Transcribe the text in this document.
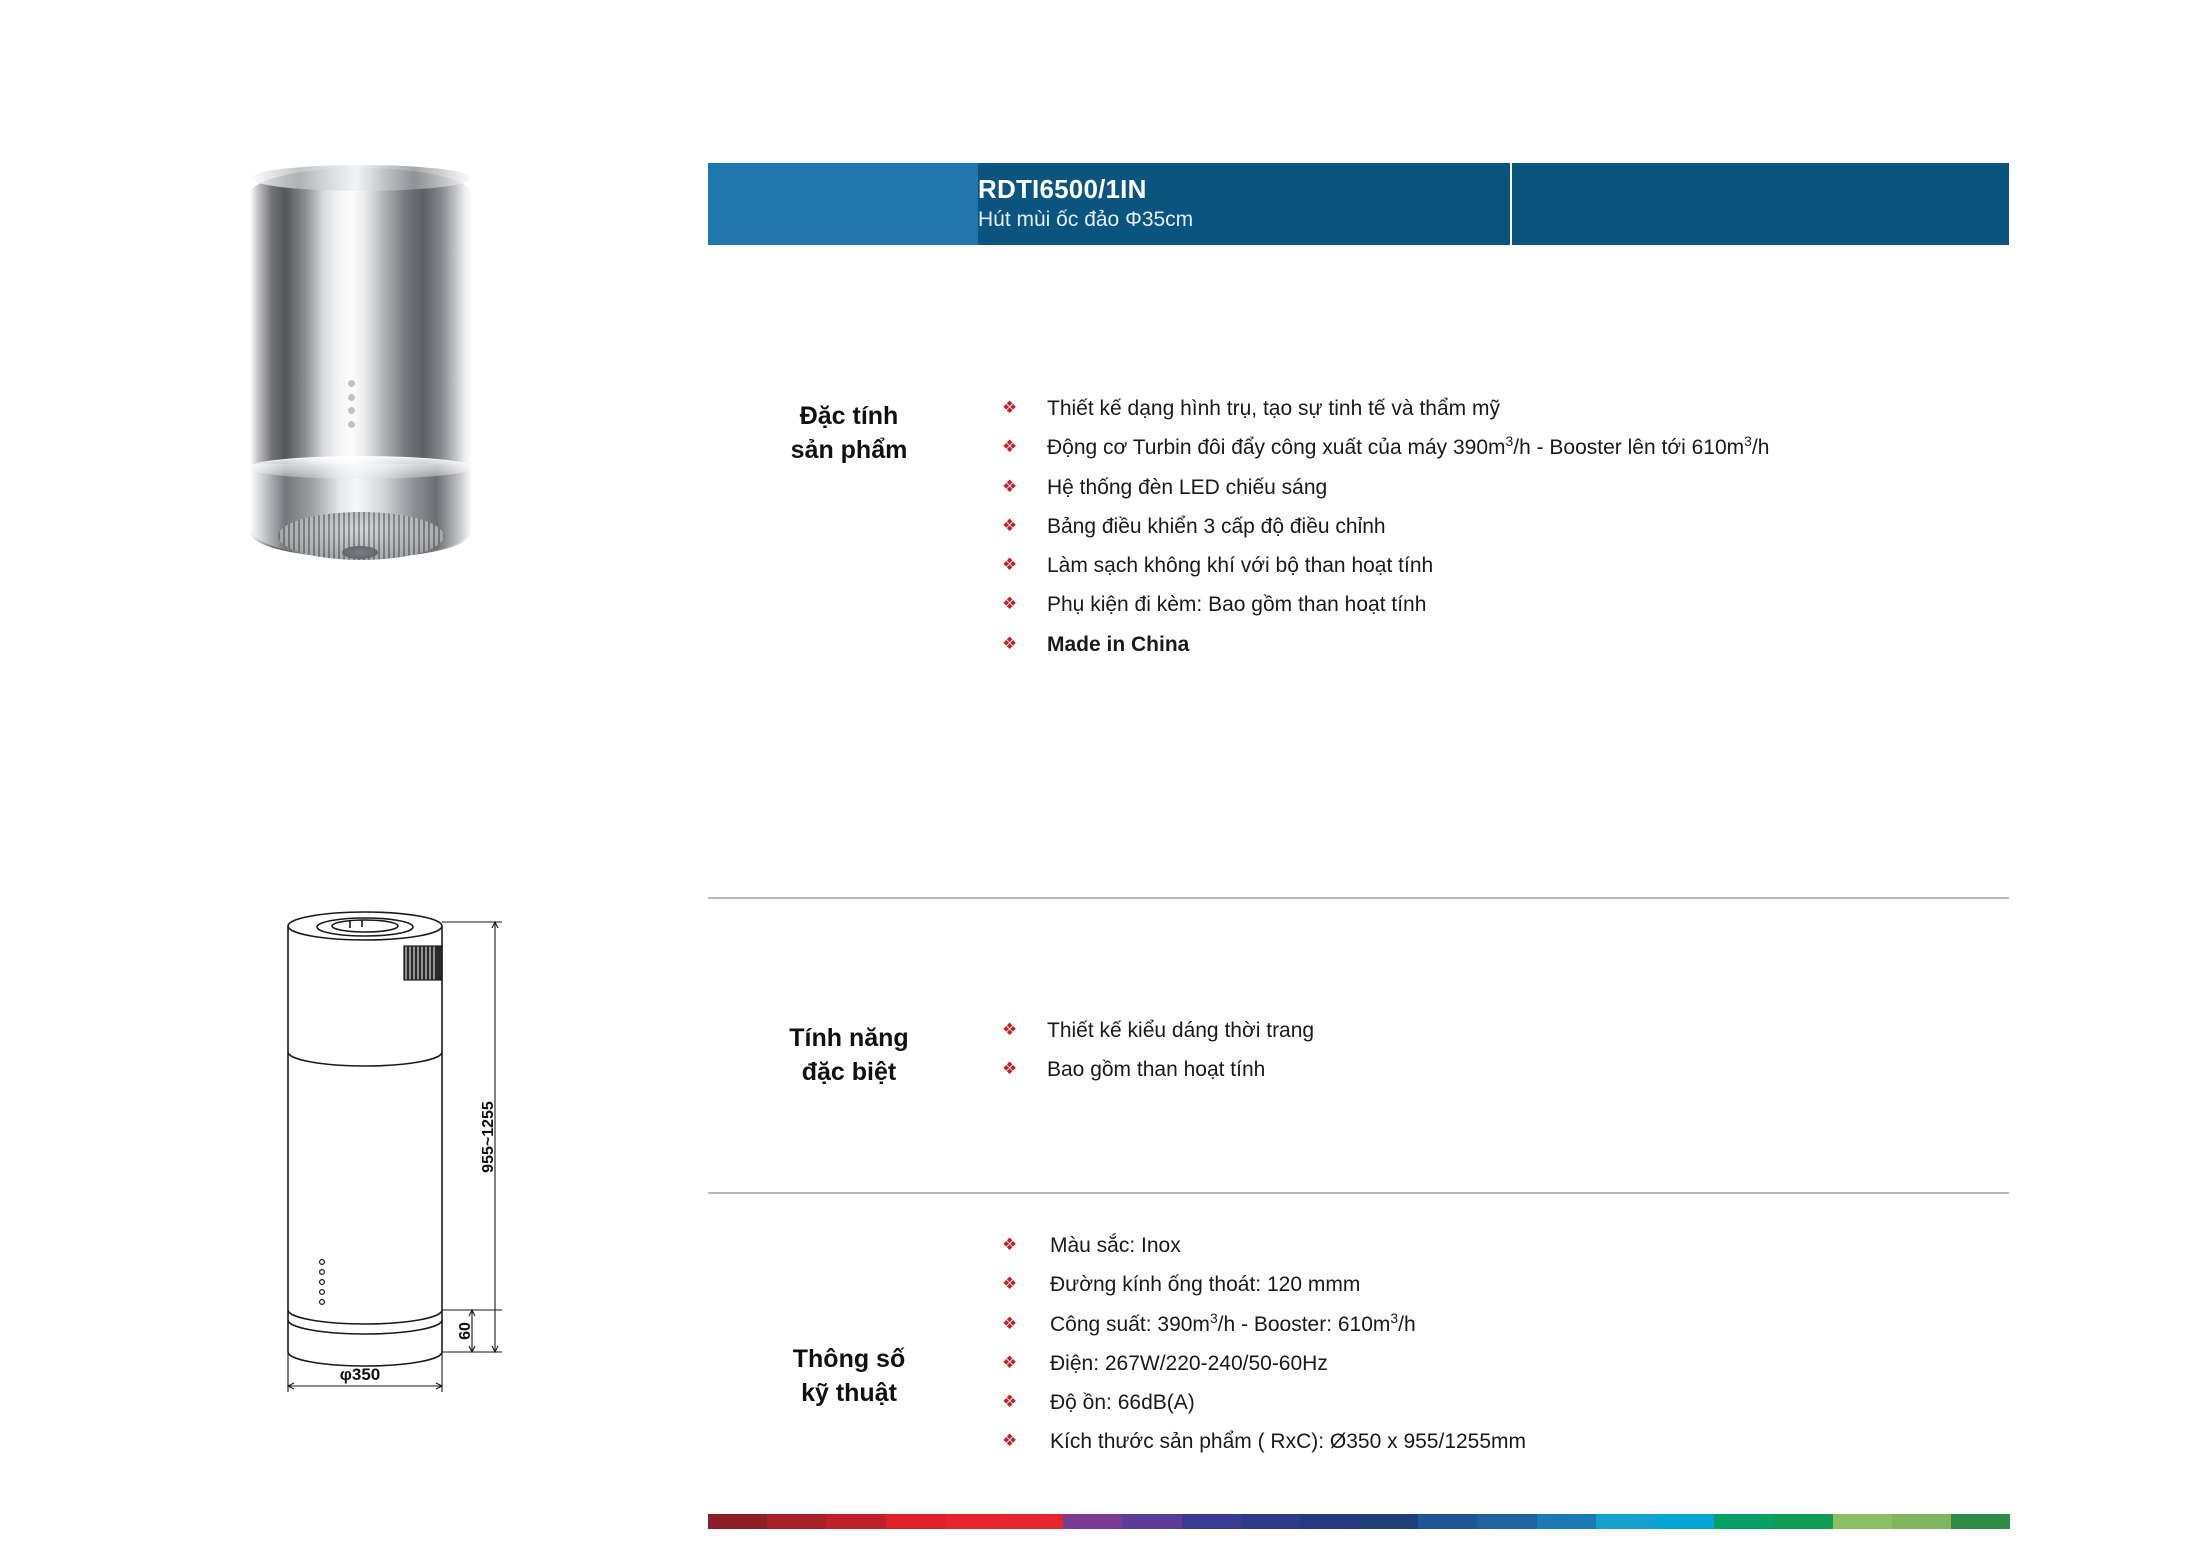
955~1255
60
φ350
RDTI6500/1IN
Hút mùi ốc đảo Φ35cm
Đặc tính
sản phẩm
❖	Thiết kế dạng hình trụ, tạo sự tinh tế và thẩm mỹ
❖	Động cơ Turbin đôi đẩy công xuất của máy $390m^3/h$ - Booster lên tới $610m^3/h$
❖	Hệ thống đèn LED chiếu sáng
❖	Bảng điều khiển 3 cấp độ điều chỉnh
❖	Làm sạch không khí với bộ than hoạt tính
❖	Phụ kiện đi kèm: Bao gồm than hoạt tính
❖	Made in China
Tính năng
đặc biệt
❖	Thiết kế kiểu dáng thời trang
❖	Bao gồm than hoạt tính
Thông số
kỹ thuật
❖	Màu sắc: Inox
❖	Đường kính ống thoát: 120 mmm
❖	Công suất: $390m^3/h$ - Booster: $610m^3/h$
❖	Điện: 267W/220-240/50-60Hz
❖	Độ ồn: 66dB(A)
❖	Kích thước sản phẩm ( RxC): Ø350 x 955/1255mm
